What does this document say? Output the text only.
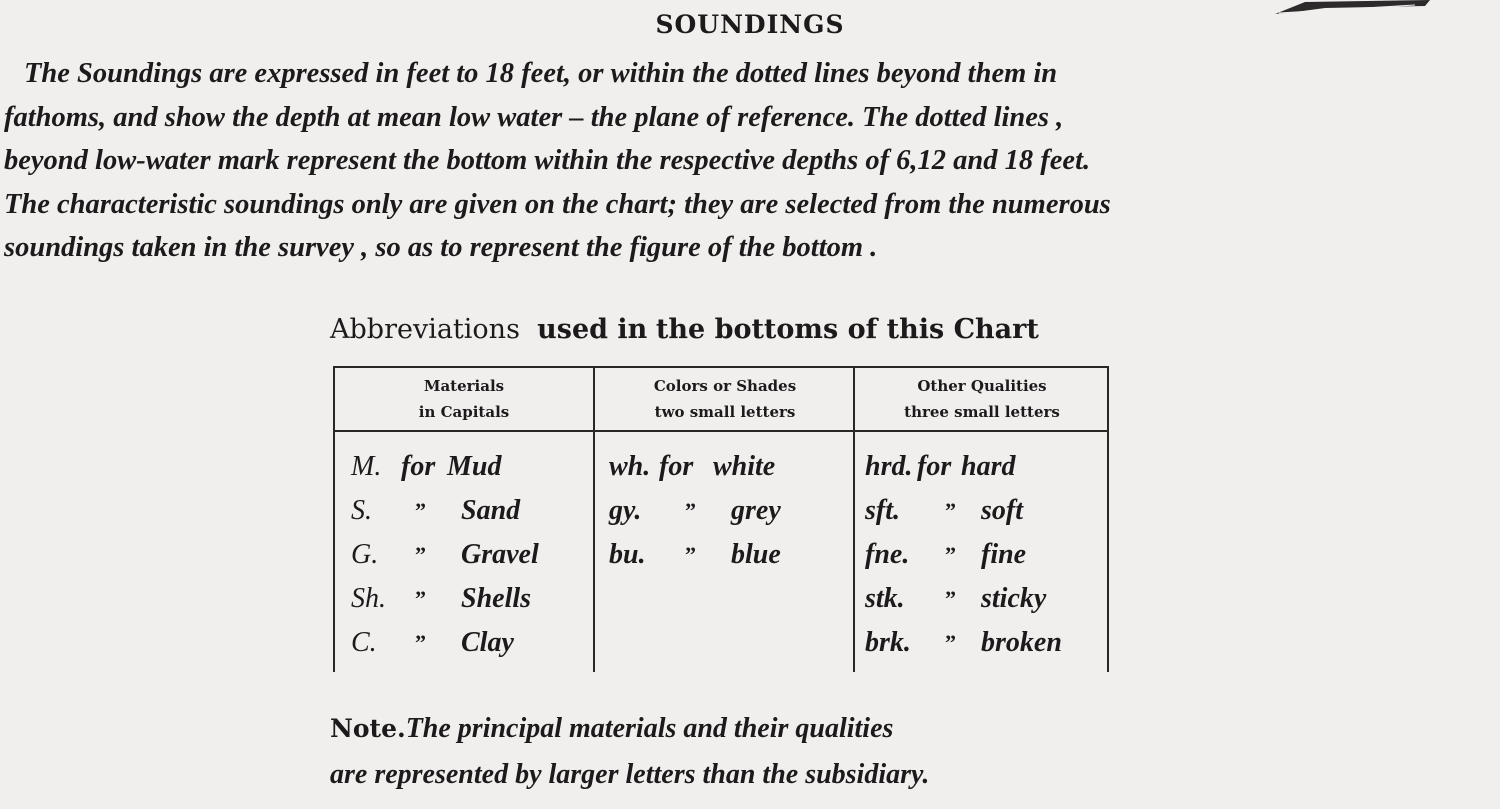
SOUNDINGS

The Soundings are expressed in feet to 18 feet, or within the dotted lines beyond them in
fathoms, and show the depth at mean low water – the plane of reference. The dotted lines ,
beyond low-water mark represent the bottom within the respective depths of 6,12 and 18 feet.
The characteristic soundings only are given on the chart; they are selected from the numerous
soundings taken in the survey , so as to represent the figure of the bottom .

Abbreviations used in the bottoms of this Chart
Materials
in Capitals
M. for Mud
S. ” Sand
G. ” Gravel
Sh. ” Shells
C. ” Clay
Colors or Shades
two small letters
wh. for white
gy. ” grey
bu. ” blue
Other Qualities
three small letters
hrd. for hard
sft. ” soft
fne. ” fine
stk. ” sticky
brk. ” broken
Note.The principal materials and their qualities
are represented by larger letters than the subsidiary.
